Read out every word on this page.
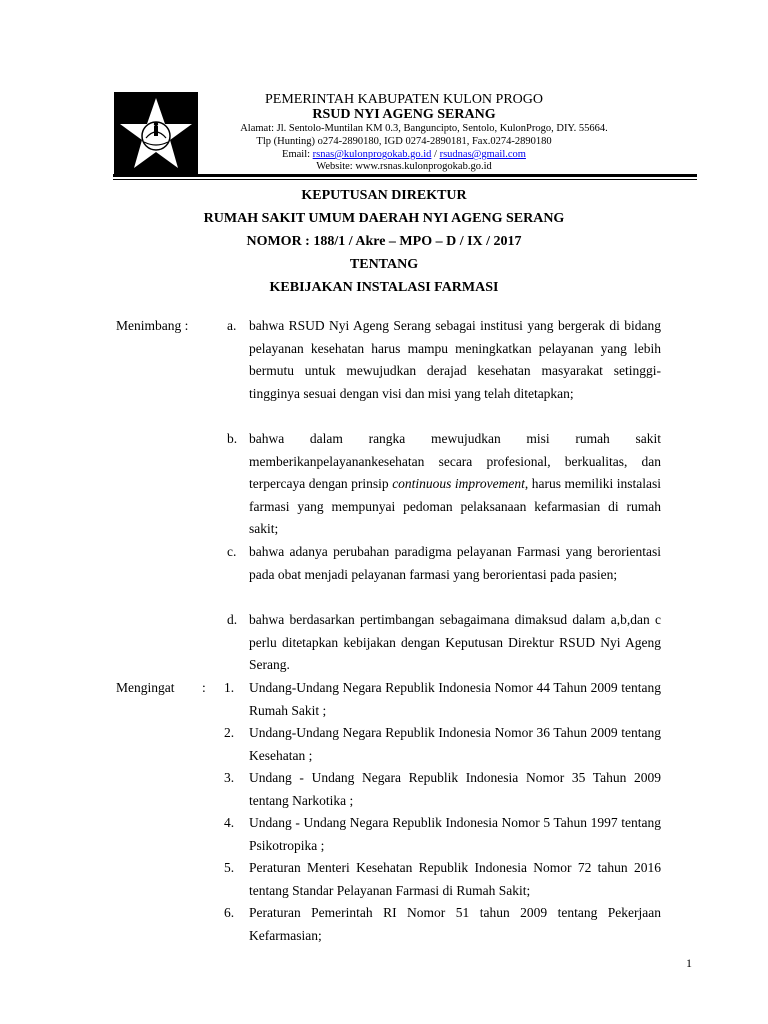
PEMERINTAH KABUPATEN KULON PROGO
RSUD NYI AGENG SERANG
Alamat: Jl. Sentolo-Muntilan KM 0.3, Banguncipto, Sentolo, KulonProgo, DIY. 55664.
Tlp (Hunting) o274-2890180, IGD 0274-2890181, Fax.0274-2890180
Email: rsnas@kulonprogokab.go.id / rsudnas@gmail.com
Website: www.rsnas.kulonprogokab.go.id
KEPUTUSAN DIREKTUR
RUMAH SAKIT UMUM DAERAH NYI AGENG SERANG
NOMOR : 188/1 / Akre – MPO – D / IX / 2017
TENTANG
KEBIJAKAN INSTALASI FARMASI
Menimbang :	a. bahwa RSUD Nyi Ageng Serang sebagai institusi yang bergerak di bidang pelayanan kesehatan harus mampu meningkatkan pelayanan yang lebih bermutu untuk mewujudkan derajad kesehatan masyarakat setinggi-tingginya sesuai dengan visi dan misi yang telah ditetapkan;
b. bahwa dalam rangka mewujudkan misi rumah sakit memberikanpelayanankesehatan secara profesional, berkualitas, dan terpercaya dengan prinsip continuous improvement, harus memiliki instalasi farmasi yang mempunyai pedoman pelaksanaan kefarmasian di rumah sakit;
c. bahwa adanya perubahan paradigma pelayanan Farmasi yang berorientasi pada obat menjadi pelayanan farmasi yang berorientasi pada pasien;
d. bahwa berdasarkan pertimbangan sebagaimana dimaksud dalam a,b,dan c perlu ditetapkan kebijakan dengan Keputusan Direktur RSUD Nyi Ageng Serang.
Mengingat : 1. Undang-Undang Negara Republik Indonesia Nomor 44 Tahun 2009 tentang Rumah Sakit ;
2. Undang-Undang Negara Republik Indonesia Nomor 36 Tahun 2009 tentang Kesehatan ;
3. Undang - Undang Negara Republik Indonesia Nomor 35 Tahun 2009 tentang Narkotika ;
4. Undang - Undang Negara Republik Indonesia Nomor 5 Tahun 1997 tentang Psikotropika ;
5. Peraturan Menteri Kesehatan Republik Indonesia Nomor 72 tahun 2016 tentang Standar Pelayanan Farmasi di Rumah Sakit;
6. Peraturan Pemerintah RI Nomor 51 tahun 2009 tentang Pekerjaan Kefarmasian;
1
